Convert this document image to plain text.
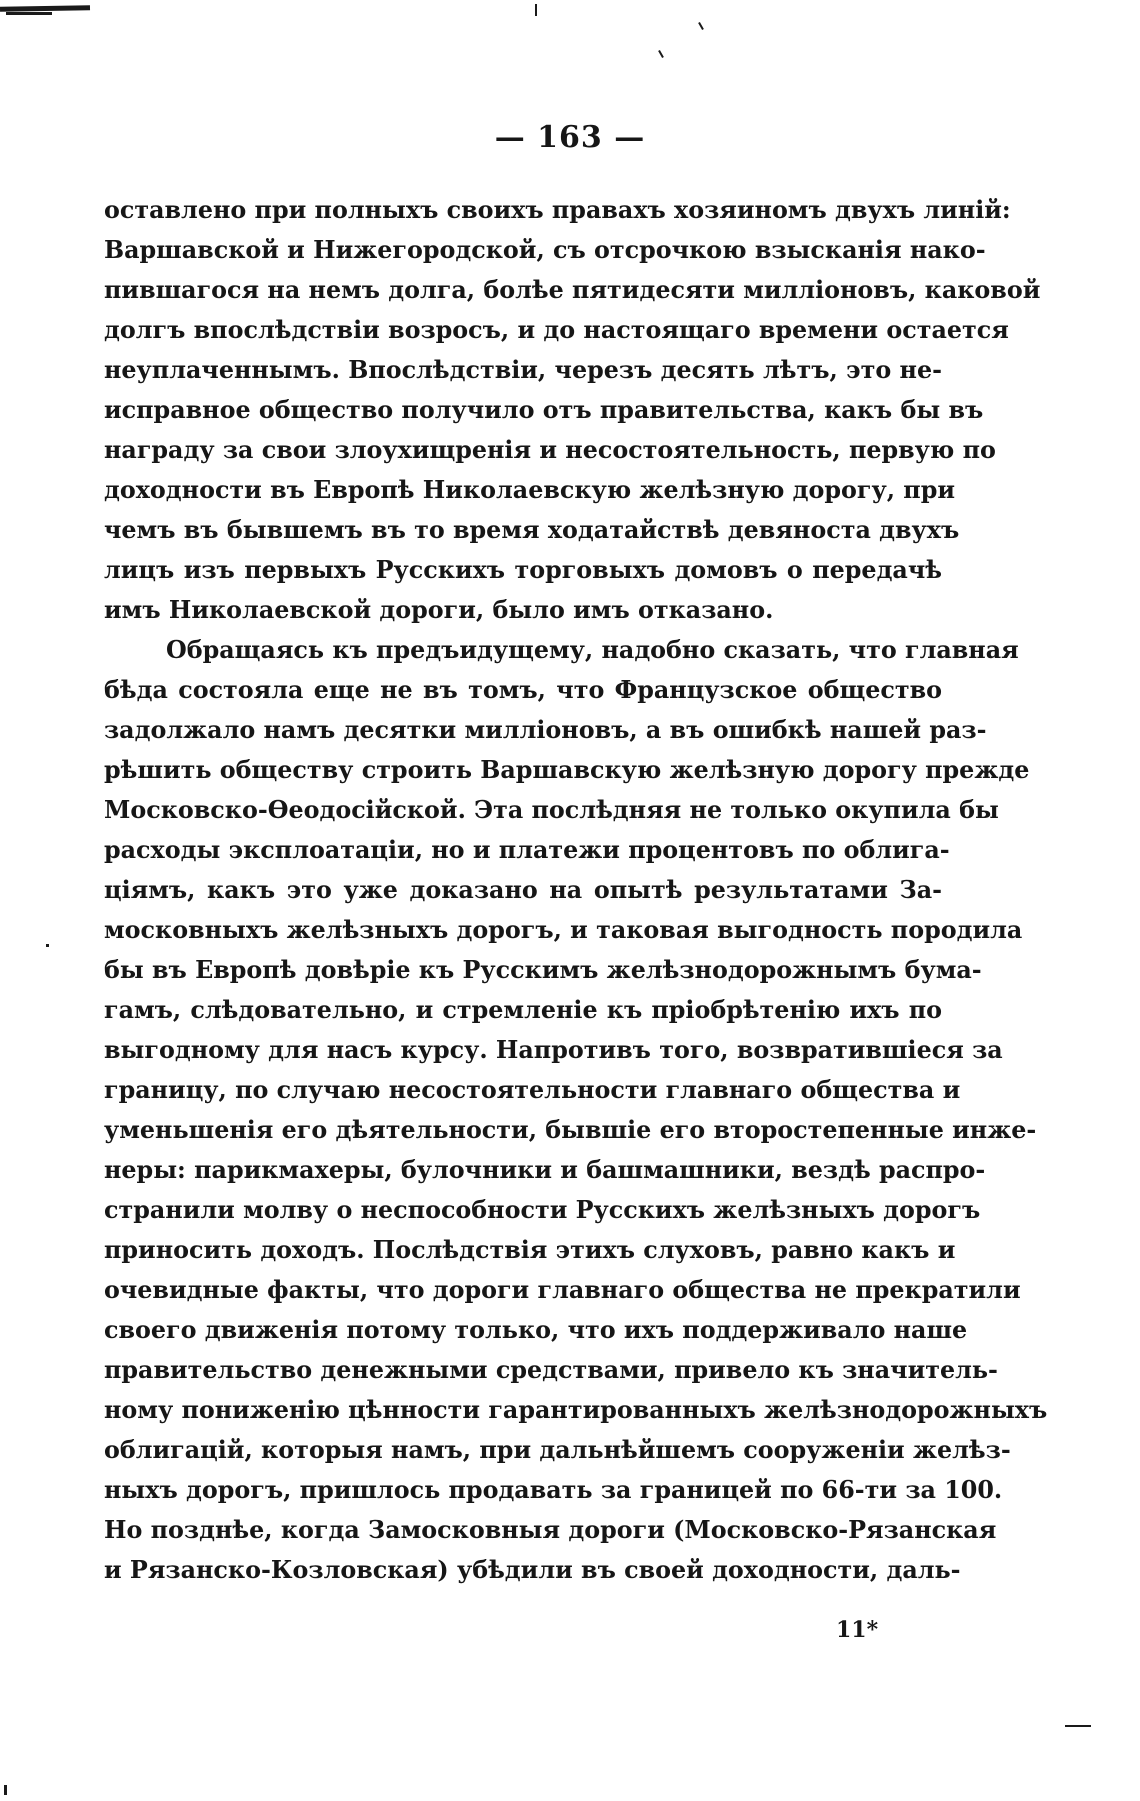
— 163 —
оставлено при полныхъ своихъ правахъ хозяиномъ двухъ линій:
Варшавской и Нижегородской, съ отсрочкою взысканія нако-
пившагося на немъ долга, болѣе пятидесяти милліоновъ, каковой
долгъ впослѣдствіи возросъ, и до настоящаго времени остается
неуплаченнымъ. Впослѣдствіи, черезъ десять лѣтъ, это не-
исправное общество получило отъ правительства, какъ бы въ
награду за свои злоухищренія и несостоятельность, первую по
доходности въ Европѣ Николаевскую желѣзную дорогу, при
чемъ въ бывшемъ въ то время ходатайствѣ девяноста двухъ
лицъ изъ первыхъ Русскихъ торговыхъ домовъ о передачѣ
имъ Николаевской дороги, было имъ отказано.
Обращаясь къ предъидущему, надобно сказать, что главная
бѣда состояла еще не въ томъ, что Французское общество
задолжало намъ десятки милліоновъ, а въ ошибкѣ нашей раз-
рѣшить обществу строить Варшавскую желѣзную дорогу прежде
Московско-Ѳеодосійской. Эта послѣдняя не только окупила бы
расходы эксплоатаціи, но и платежи процентовъ по облига-
ціямъ, какъ это уже доказано на опытѣ результатами За-
московныхъ желѣзныхъ дорогъ, и таковая выгодность породила
бы въ Европѣ довѣріе къ Русскимъ желѣзнодорожнымъ бума-
гамъ, слѣдовательно, и стремленіе къ пріобрѣтенію ихъ по
выгодному для насъ курсу. Напротивъ того, возвратившіеся за
границу, по случаю несостоятельности главнаго общества и
уменьшенія его дѣятельности, бывшіе его второстепенные инже-
неры: парикмахеры, булочники и башмашники, вездѣ распро-
странили молву о неспособности Русскихъ желѣзныхъ дорогъ
приносить доходъ. Послѣдствія этихъ слуховъ, равно какъ и
очевидные факты, что дороги главнаго общества не прекратили
своего движенія потому только, что ихъ поддерживало наше
правительство денежными средствами, привело къ значитель-
ному пониженію цѣнности гарантированныхъ желѣзнодорожныхъ
облигацій, которыя намъ, при дальнѣйшемъ сооруженіи желѣз-
ныхъ дорогъ, пришлось продавать за границей по 66-ти за 100.
Но позднѣе, когда Замосковныя дороги (Московско-Рязанская
и Рязанско-Козловская) убѣдили въ своей доходности, даль-
11*
